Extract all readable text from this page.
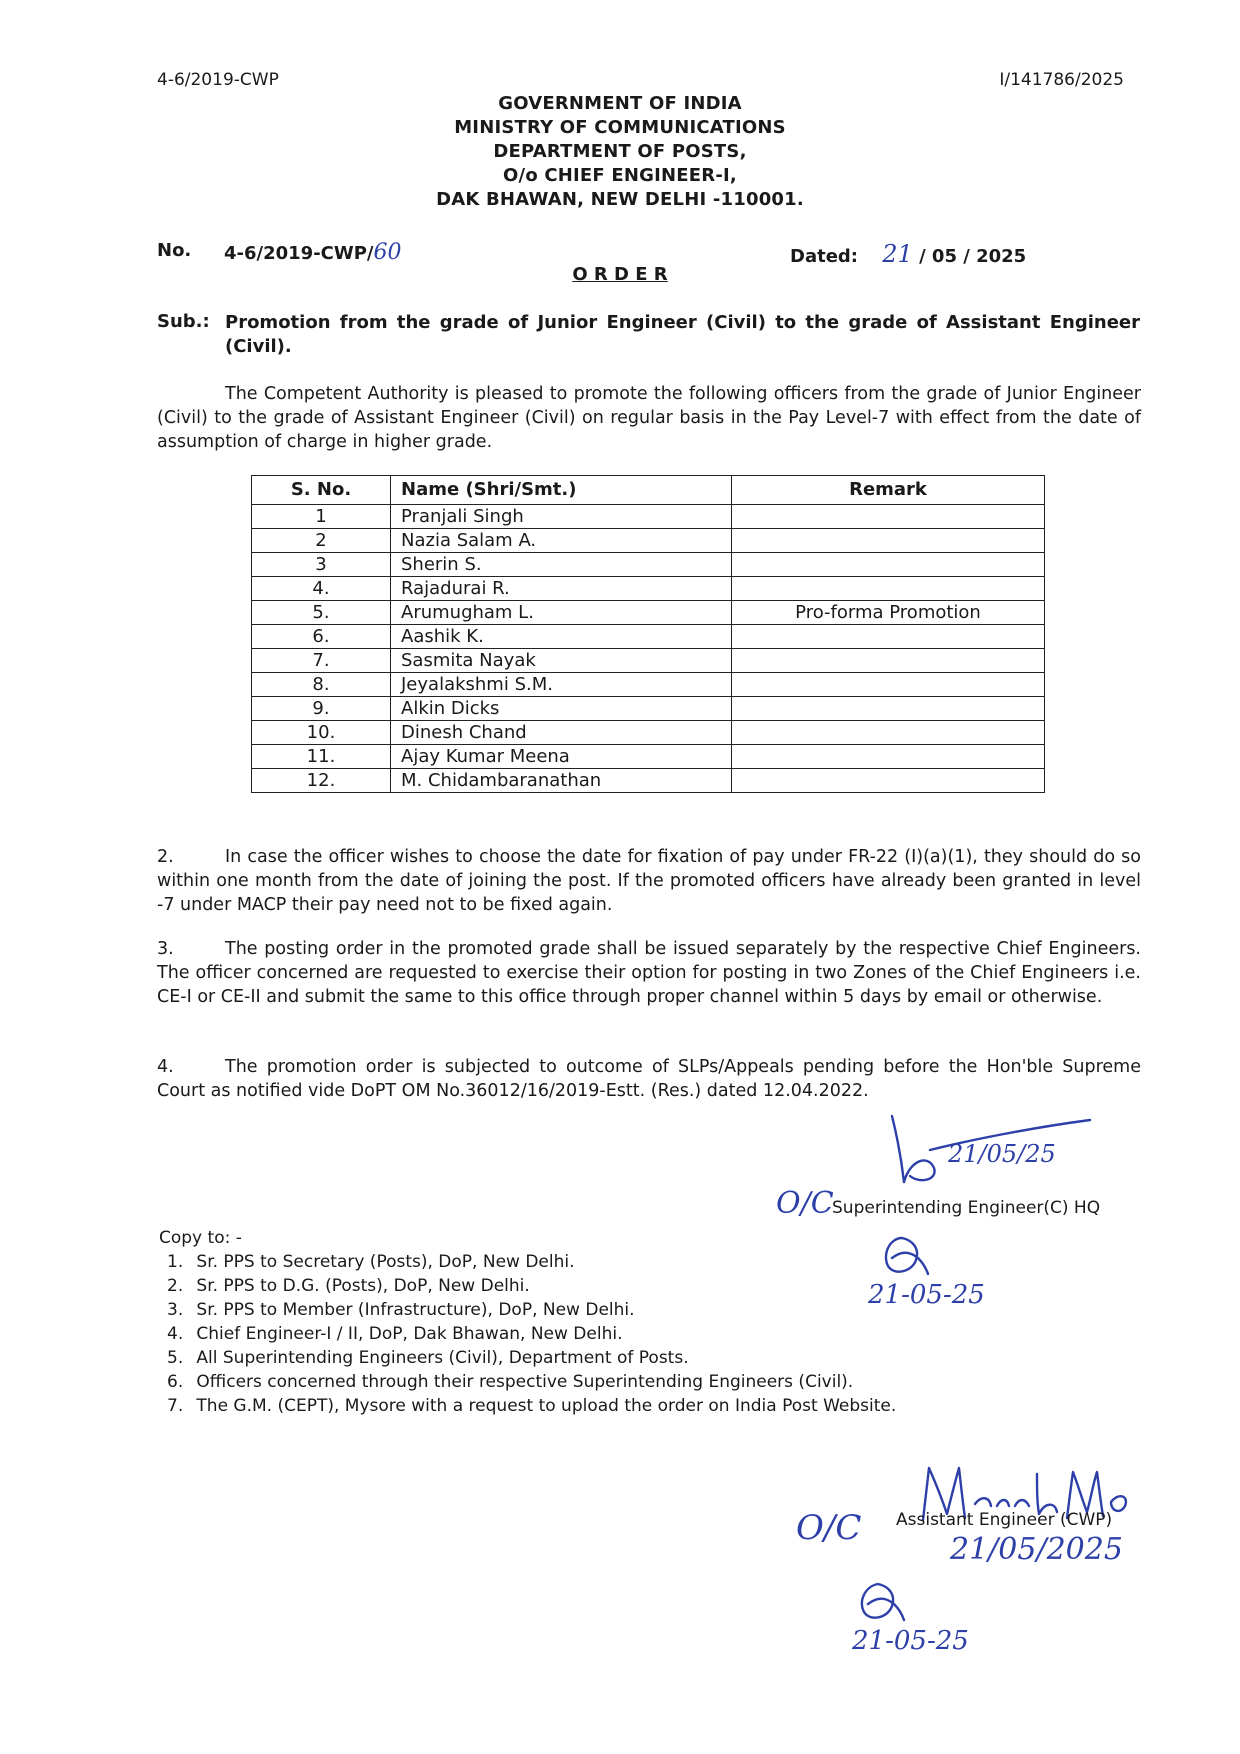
4-6/2019-CWP	I/141786/2025
GOVERNMENT OF INDIA
MINISTRY OF COMMUNICATIONS
DEPARTMENT OF POSTS,
O/o CHIEF ENGINEER-I,
DAK BHAWAN, NEW DELHI -110001.
No. 4-6/2019-CWP/60	Dated: 21 / 05 / 2025
O R D E R
Sub.: Promotion from the grade of Junior Engineer (Civil) to the grade of Assistant Engineer (Civil).
The Competent Authority is pleased to promote the following officers from the grade of Junior Engineer (Civil) to the grade of Assistant Engineer (Civil) on regular basis in the Pay Level-7 with effect from the date of assumption of charge in higher grade.
S. No.	Name (Shri/Smt.)	Remark
1	Pranjali Singh	
2	Nazia Salam A.	
3	Sherin S.	
4.	Rajadurai R.	
5.	Arumugham L.	Pro-forma Promotion
6.	Aashik K.	
7.	Sasmita Nayak	
8.	Jeyalakshmi S.M.	
9.	Alkin Dicks	
10.	Dinesh Chand	
11.	Ajay Kumar Meena	
12.	M. Chidambaranathan	
2.	In case the officer wishes to choose the date for fixation of pay under FR-22 (I)(a)(1), they should do so within one month from the date of joining the post. If the promoted officers have already been granted in level -7 under MACP their pay need not to be fixed again.
3.	The posting order in the promoted grade shall be issued separately by the respective Chief Engineers. The officer concerned are requested to exercise their option for posting in two Zones of the Chief Engineers i.e. CE-I or CE-II and submit the same to this office through proper channel within 5 days by email or otherwise.
4.	The promotion order is subjected to outcome of SLPs/Appeals pending before the Hon'ble Supreme Court as notified vide DoPT OM No.36012/16/2019-Estt. (Res.) dated 12.04.2022.
21/05/25
O/C
Superintending Engineer(C) HQ
21-05-25
Copy to: -
1. Sr. PPS to Secretary (Posts), DoP, New Delhi.
2. Sr. PPS to D.G. (Posts), DoP, New Delhi.
3. Sr. PPS to Member (Infrastructure), DoP, New Delhi.
4. Chief Engineer-I / II, DoP, Dak Bhawan, New Delhi.
5. All Superintending Engineers (Civil), Department of Posts.
6. Officers concerned through their respective Superintending Engineers (Civil).
7. The G.M. (CEPT), Mysore with a request to upload the order on India Post Website.
Assistant Engineer (CWP)
O/C
21/05/2025
21-05-25
